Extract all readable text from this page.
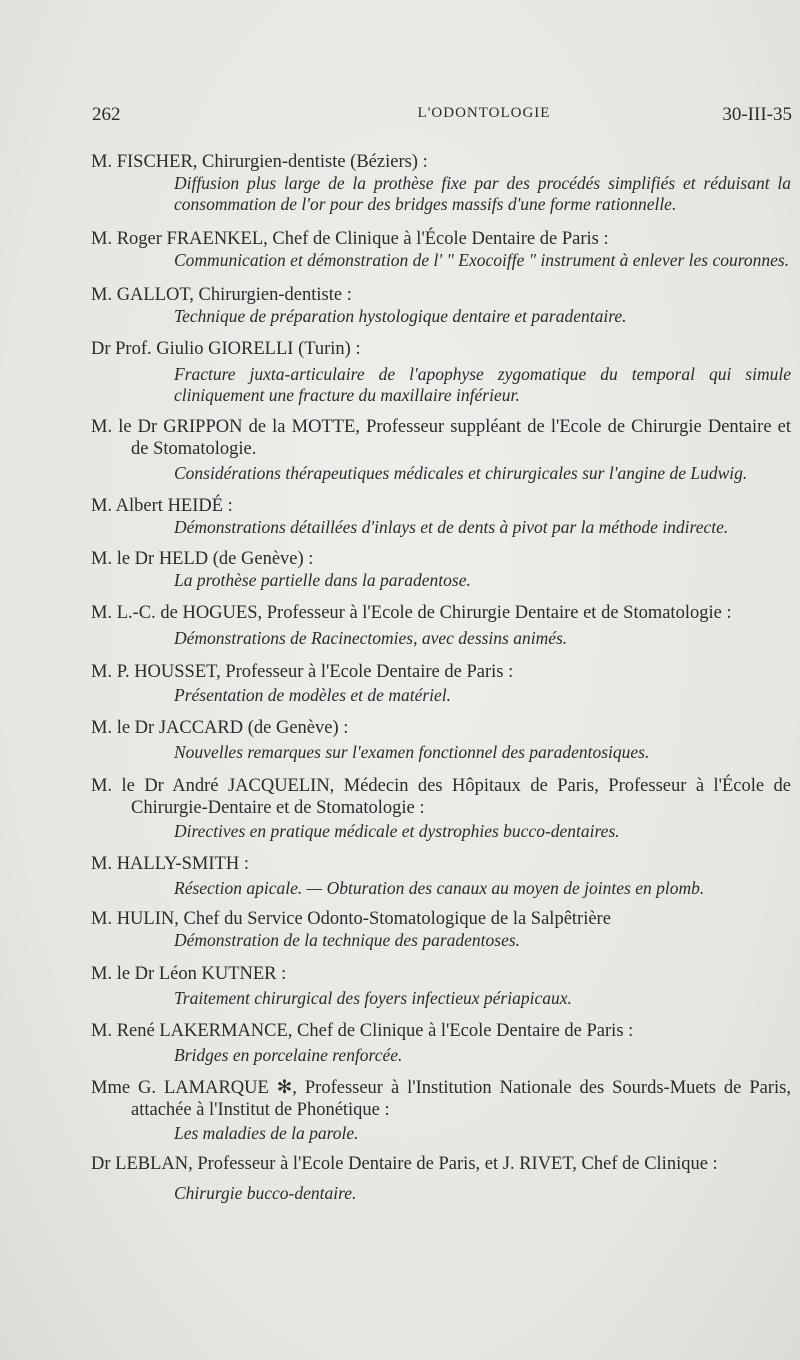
262	L'ODONTOLOGIE	30-III-35

M. FISCHER, Chirurgien-dentiste (Béziers) :

Diffusion plus large de la prothèse fixe par des procédés simplifiés et réduisant la consommation de l'or pour des bridges massifs d'une forme rationnelle.

M. Roger FRAENKEL, Chef de Clinique à l'École Dentaire de Paris :

Communication et démonstration de l' " Exocoiffe " instrument à enlever les couronnes.

M. GALLOT, Chirurgien-dentiste :

Technique de préparation hystologique dentaire et paradentaire.

Dr Prof. Giulio GIORELLI (Turin) :

Fracture juxta-articulaire de l'apophyse zygomatique du temporal qui simule cliniquement une fracture du maxillaire inférieur.

M. le Dr GRIPPON de la MOTTE, Professeur suppléant de l'Ecole de Chirurgie Dentaire et de Stomatologie.

Considérations thérapeutiques médicales et chirurgicales sur l'angine de Ludwig.

M. Albert HEIDÉ :

Démonstrations détaillées d'inlays et de dents à pivot par la méthode indirecte.

M. le Dr HELD (de Genève) :

La prothèse partielle dans la paradentose.

M. L.-C. de HOGUES, Professeur à l'Ecole de Chirurgie Dentaire et de Stomatologie :

Démonstrations de Racinectomies, avec dessins animés.

M. P. HOUSSET, Professeur à l'Ecole Dentaire de Paris :

Présentation de modèles et de matériel.

M. le Dr JACCARD (de Genève) :

Nouvelles remarques sur l'examen fonctionnel des paradentosiques.

M. le Dr André JACQUELIN, Médecin des Hôpitaux de Paris, Professeur à l'École de Chirurgie-Dentaire et de Stomatologie :

Directives en pratique médicale et dystrophies bucco-dentaires.

M. HALLY-SMITH :

Résection apicale. — Obturation des canaux au moyen de jointes en plomb.

M. HULIN, Chef du Service Odonto-Stomatologique de la Salpêtrière

Démonstration de la technique des paradentoses.

M. le Dr Léon KUTNER :

Traitement chirurgical des foyers infectieux périapicaux.

M. René LAKERMANCE, Chef de Clinique à l'Ecole Dentaire de Paris :

Bridges en porcelaine renforcée.

Mme G. LAMARQUE ✻, Professeur à l'Institution Nationale des Sourds-Muets de Paris, attachée à l'Institut de Phonétique :

Les maladies de la parole.

Dr LEBLAN, Professeur à l'Ecole Dentaire de Paris, et J. RIVET, Chef de Clinique :

Chirurgie bucco-dentaire.
